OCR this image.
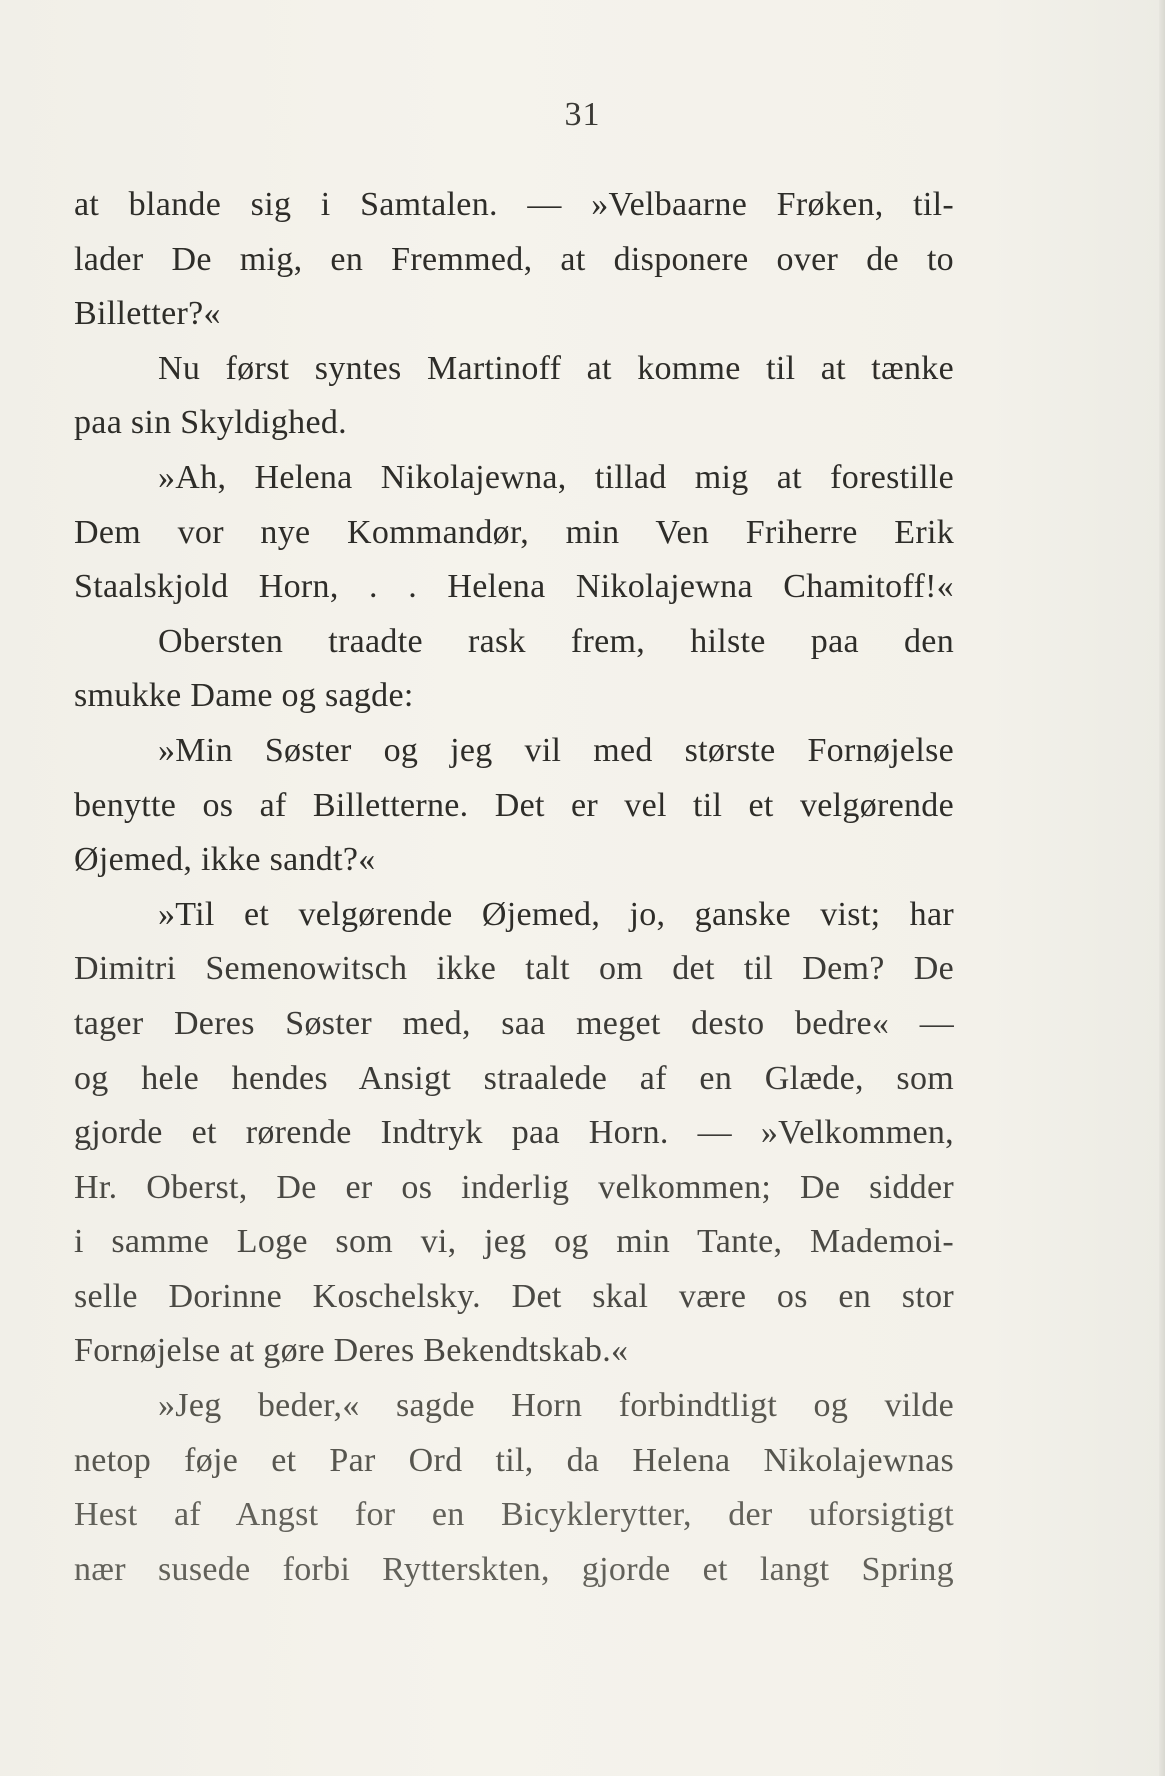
31
at blande sig i Samtalen. — »Velbaarne Frøken, til-
lader De mig, en Fremmed, at disponere over de to
Billetter?«
Nu først syntes Martinoff at komme til at tænke
paa sin Skyldighed.
»Ah, Helena Nikolajewna, tillad mig at forestille
Dem vor nye Kommandør, min Ven Friherre Erik
Staalskjold Horn, . . Helena Nikolajewna Chamitoff!«
Obersten traadte rask frem, hilste paa den
smukke Dame og sagde:
»Min Søster og jeg vil med største Fornøjelse
benytte os af Billetterne. Det er vel til et velgørende
Øjemed, ikke sandt?«
»Til et velgørende Øjemed, jo, ganske vist; har
Dimitri Semenowitsch ikke talt om det til Dem? De
tager Deres Søster med, saa meget desto bedre« —
og hele hendes Ansigt straalede af en Glæde, som
gjorde et rørende Indtryk paa Horn. — »Velkommen,
Hr. Oberst, De er os inderlig velkommen; De sidder
i samme Loge som vi, jeg og min Tante, Mademoi-
selle Dorinne Koschelsky. Det skal være os en stor
Fornøjelse at gøre Deres Bekendtskab.«
»Jeg beder,« sagde Horn forbindtligt og vilde
netop føje et Par Ord til, da Helena Nikolajewnas
Hest af Angst for en Bicyklerytter, der uforsigtigt
nær susede forbi Rytterskten, gjorde et langt Spring
